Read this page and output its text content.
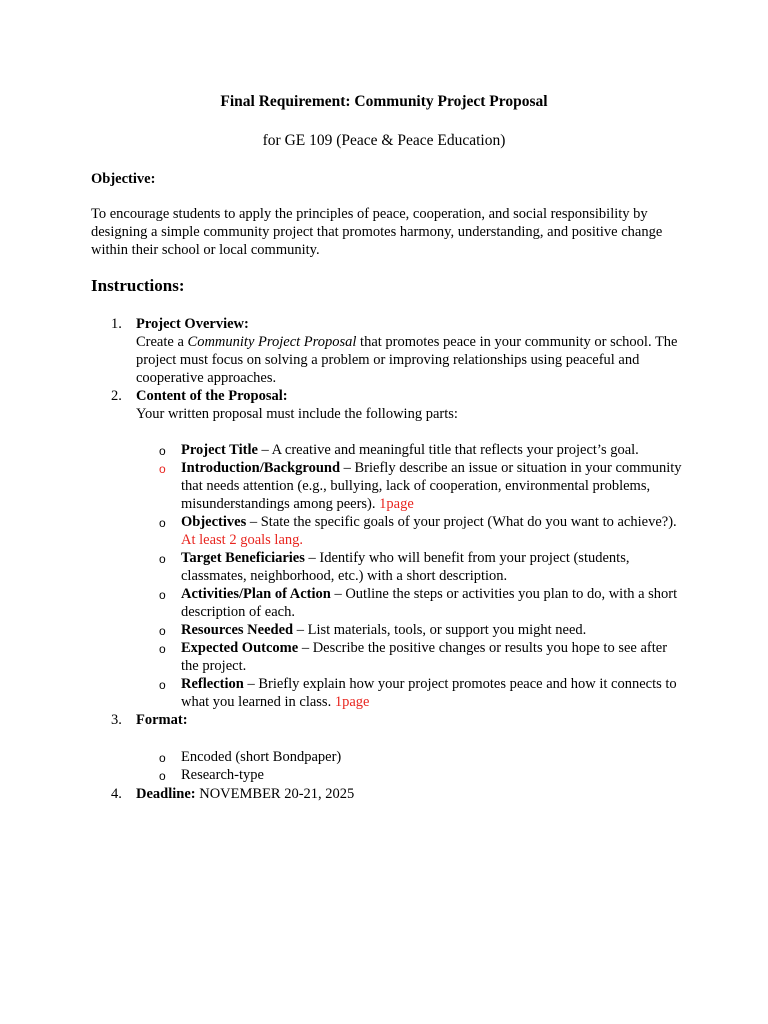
Final Requirement: Community Project Proposal
for GE 109 (Peace & Peace Education)
Objective:
To encourage students to apply the principles of peace, cooperation, and social responsibility by designing a simple community project that promotes harmony, understanding, and positive change within their school or local community.
Instructions:
1. Project Overview:
Create a Community Project Proposal that promotes peace in your community or school. The project must focus on solving a problem or improving relationships using peaceful and cooperative approaches.
2. Content of the Proposal:
Your written proposal must include the following parts:
o Project Title – A creative and meaningful title that reflects your project’s goal.
o Introduction/Background – Briefly describe an issue or situation in your community that needs attention (e.g., bullying, lack of cooperation, environmental problems, misunderstandings among peers). 1page
o Objectives – State the specific goals of your project (What do you want to achieve?). At least 2 goals lang.
o Target Beneficiaries – Identify who will benefit from your project (students, classmates, neighborhood, etc.) with a short description.
o Activities/Plan of Action – Outline the steps or activities you plan to do, with a short description of each.
o Resources Needed – List materials, tools, or support you might need.
o Expected Outcome – Describe the positive changes or results you hope to see after the project.
o Reflection – Briefly explain how your project promotes peace and how it connects to what you learned in class. 1page
3. Format:
o Encoded (short Bondpaper)
o Research-type
4. Deadline: NOVEMBER 20-21, 2025
